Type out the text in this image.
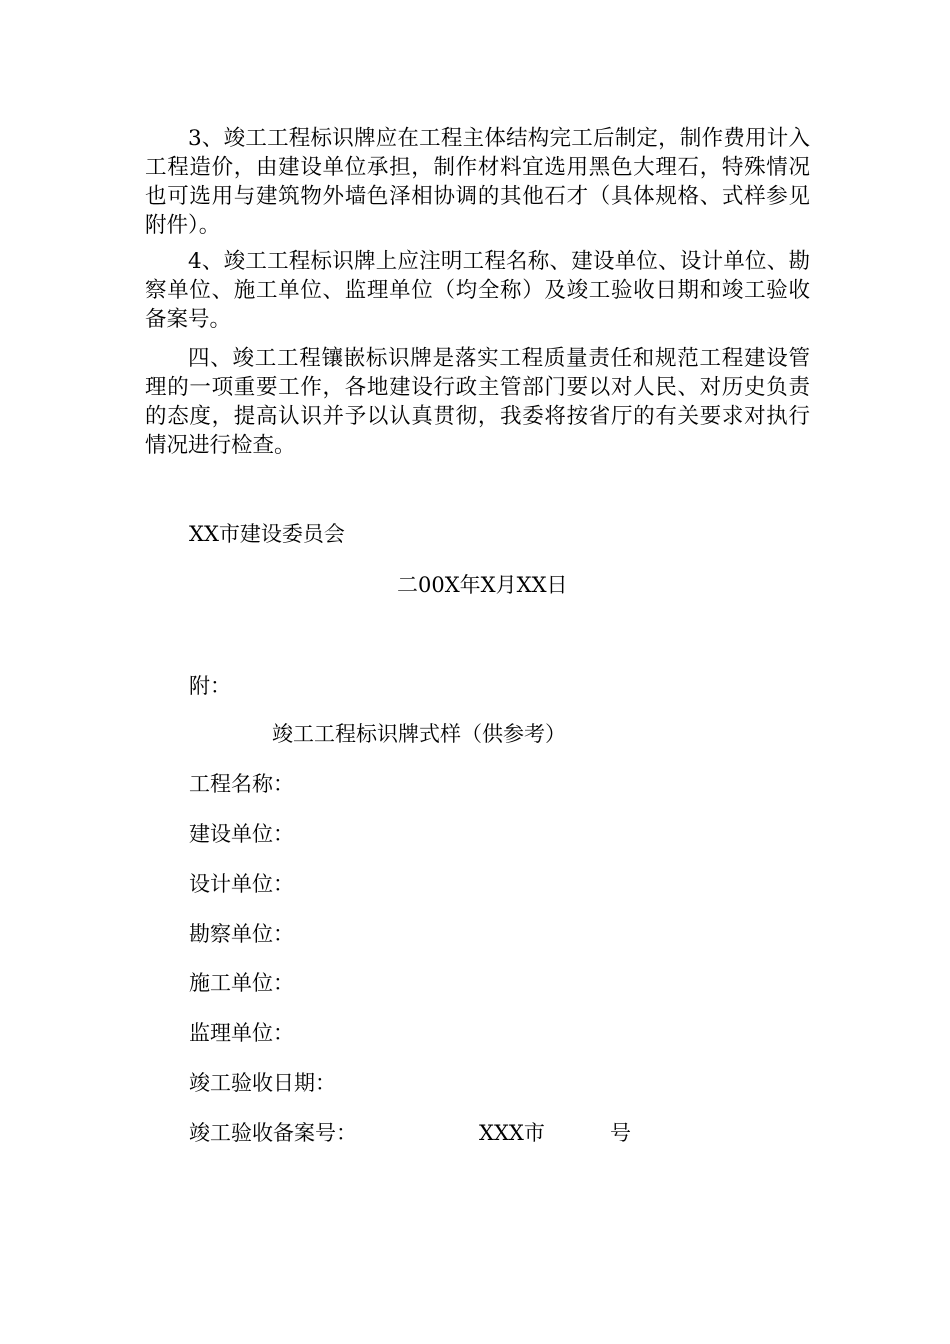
3、竣工工程标识牌应在工程主体结构完工后制定，制作费用计入工程造价，由建设单位承担，制作材料宜选用黑色大理石，特殊情况也可选用与建筑物外墙色泽相协调的其他石才（具体规格、式样参见附件）。

4、竣工工程标识牌上应注明工程名称、建设单位、设计单位、勘察单位、施工单位、监理单位（均全称）及竣工验收日期和竣工验收备案号。

四、竣工工程镶嵌标识牌是落实工程质量责任和规范工程建设管理的一项重要工作，各地建设行政主管部门要以对人民、对历史负责的态度，提高认识并予以认真贯彻，我委将按省厅的有关要求对执行情况进行检查。

XX市建设委员会

二00X年X月XX日

附：

竣工工程标识牌式样（供参考）

工程名称：

建设单位：

设计单位：

勘察单位：

施工单位：

监理单位：

竣工验收日期：

竣工验收备案号：	XXX市	号
